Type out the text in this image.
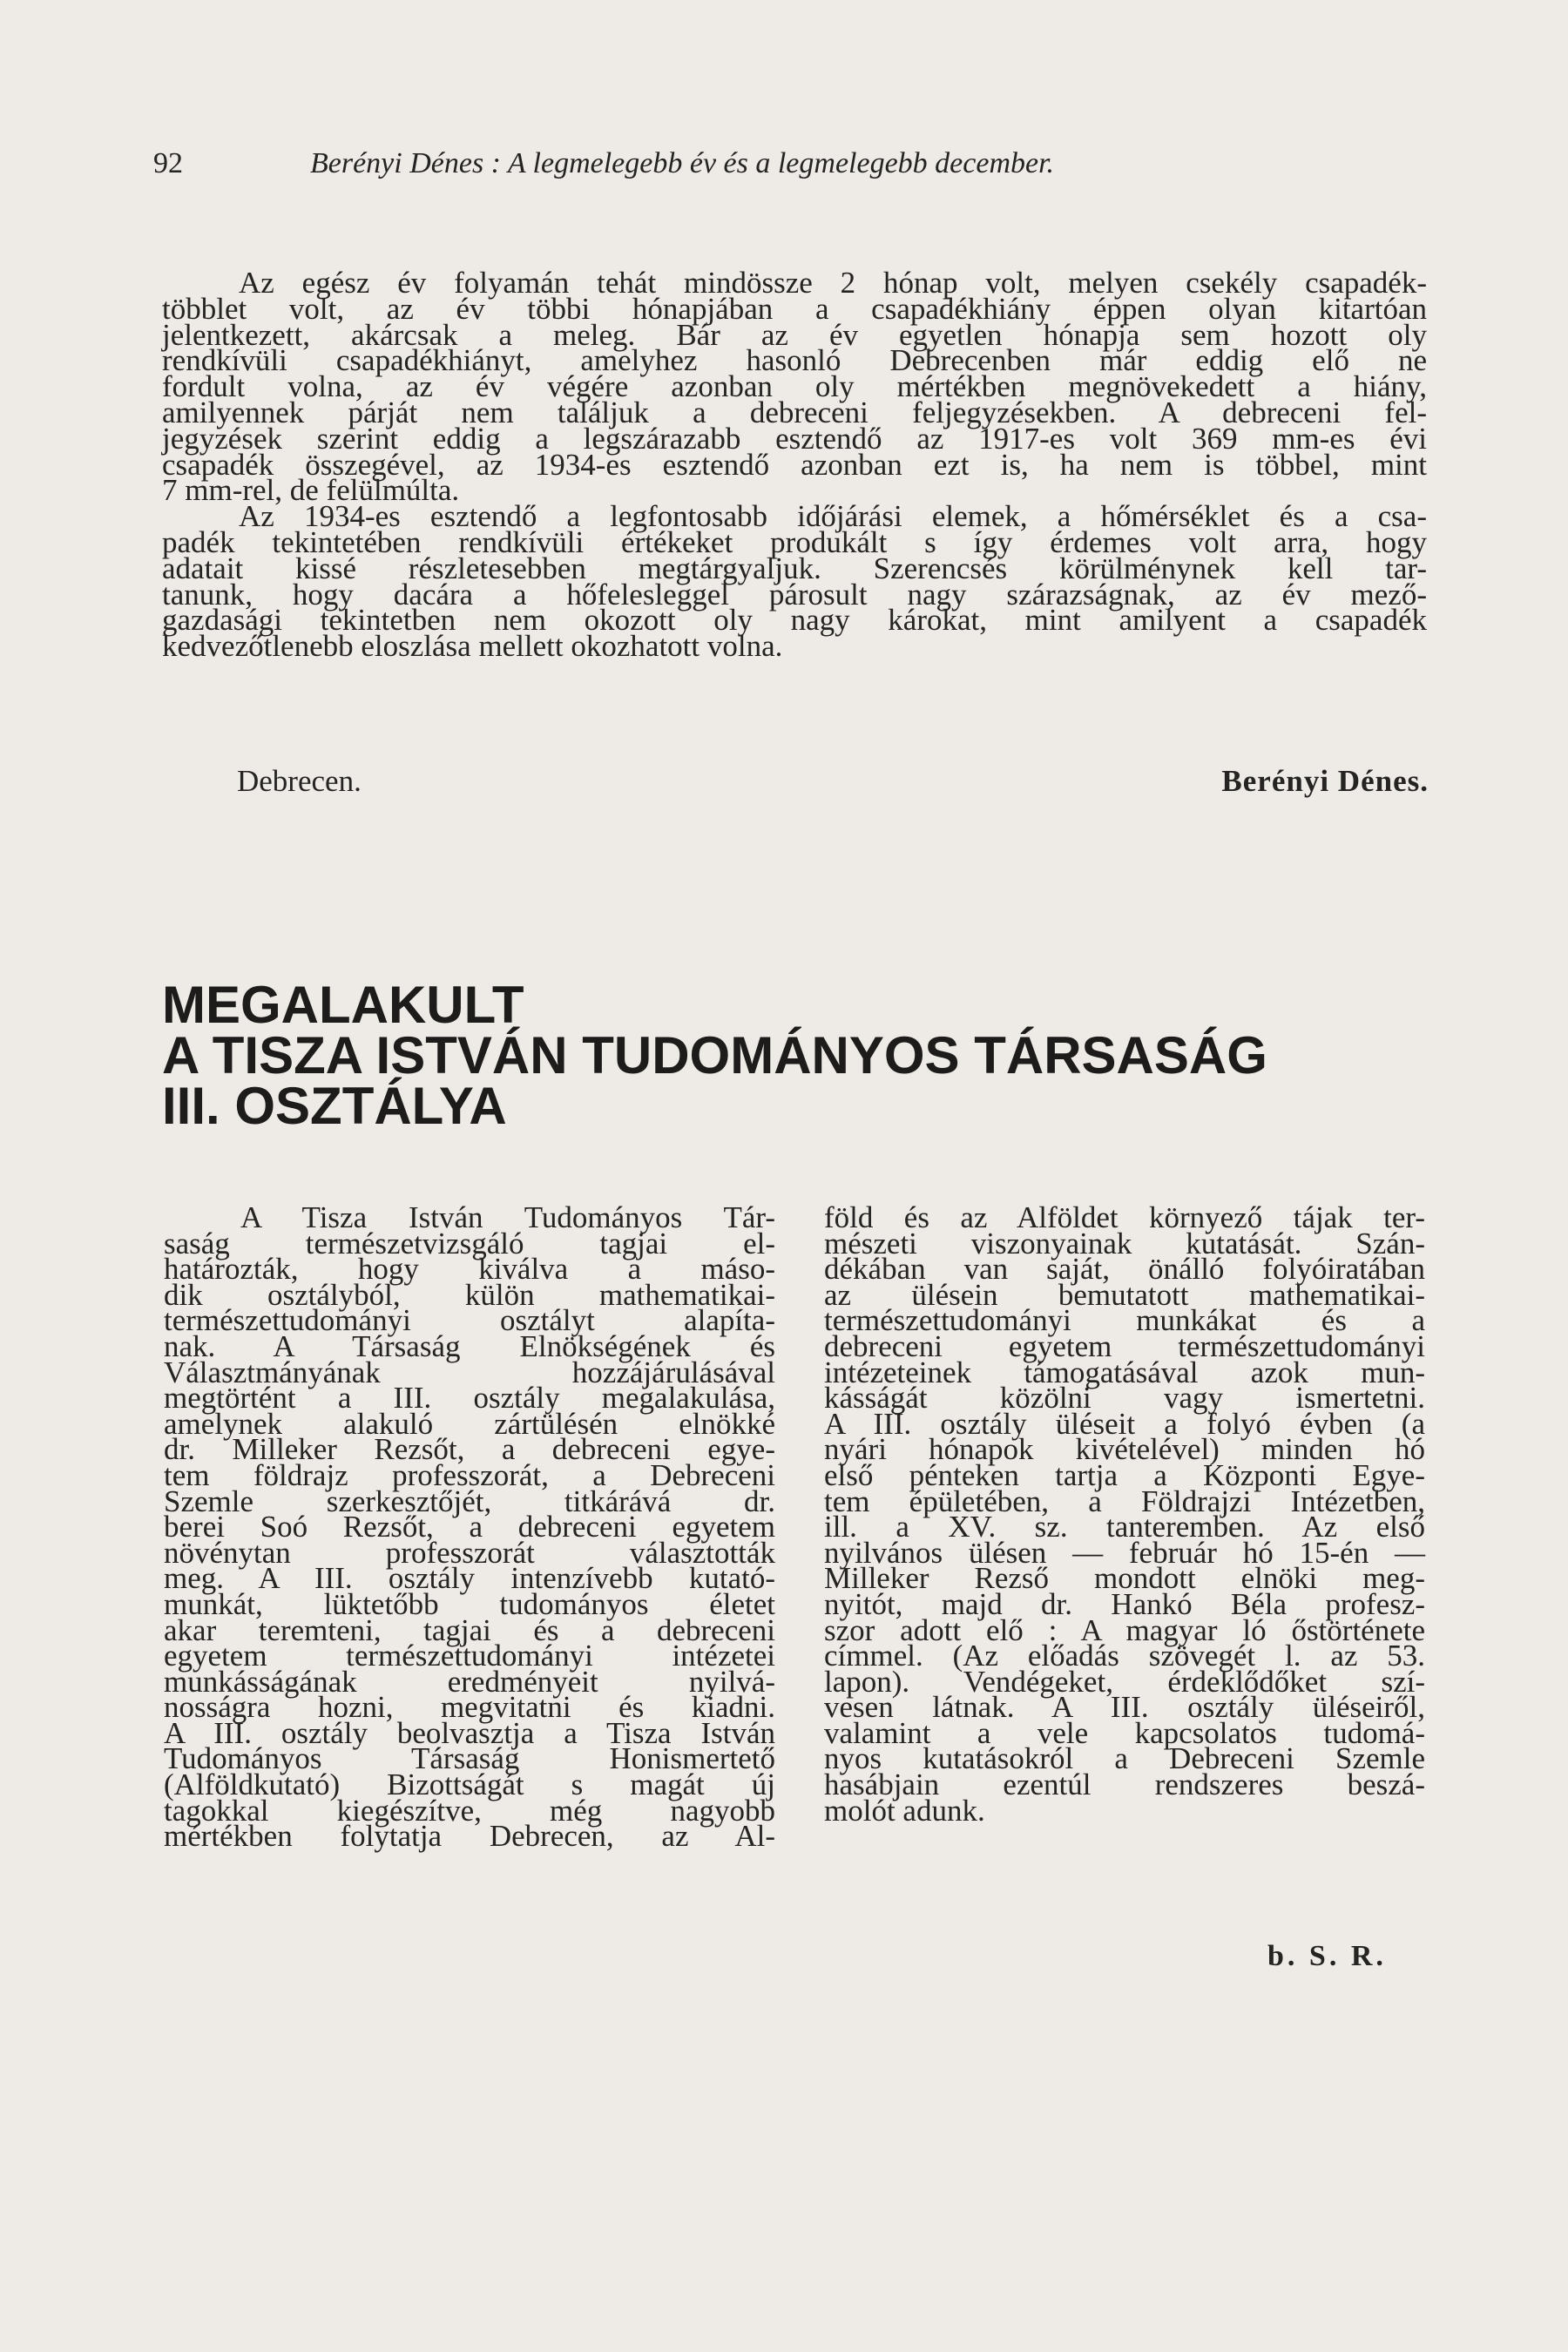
92	Berényi Dénes : A legmelegebb év és a legmelegebb december.
Az egész év folyamán tehát mindössze 2 hónap volt, melyen csekély csapadék-
többlet volt, az év többi hónapjában a csapadékhiány éppen olyan kitartóan
jelentkezett, akárcsak a meleg. Bár az év egyetlen hónapja sem hozott oly
rendkívüli csapadékhiányt, amelyhez hasonló Debrecenben már eddig elő ne
fordult volna, az év végére azonban oly mértékben megnövekedett a hiány,
amilyennek párját nem találjuk a debreceni feljegyzésekben. A debreceni fel-
jegyzések szerint eddig a legszárazabb esztendő az 1917-es volt 369 mm-es évi
csapadék összegével, az 1934-es esztendő azonban ezt is, ha nem is többel, mint
7 mm-rel, de felülmúlta.
Az 1934-es esztendő a legfontosabb időjárási elemek, a hőmérséklet és a csa-
padék tekintetében rendkívüli értékeket produkált s így érdemes volt arra, hogy
adatait kissé részletesebben megtárgyaljuk. Szerencsés körülménynek kell tar-
tanunk, hogy dacára a hőfelesleggel párosult nagy szárazságnak, az év mező-
gazdasági tekintetben nem okozott oly nagy károkat, mint amilyent a csapadék
kedvezőtlenebb eloszlása mellett okozhatott volna.
Debrecen.	Berényi Dénes.
MEGALAKULT
A TISZA ISTVÁN TUDOMÁNYOS TÁRSASÁG
III. OSZTÁLYA
A Tisza István Tudományos Tár-
saság természetvizsgáló tagjai el-
határozták, hogy kiválva a máso-
dik osztályból, külön mathematikai-
természettudományi osztályt alapíta-
nak. A Társaság Elnökségének és
Választmányának hozzájárulásával
megtörtént a III. osztály megalakulása,
amelynek alakuló zártülésén elnökké
dr. Milleker Rezsőt, a debreceni egye-
tem földrajz professzorát, a Debreceni
Szemle szerkesztőjét, titkárává dr.
berei Soó Rezsőt, a debreceni egyetem
növénytan professzorát választották
meg. A III. osztály intenzívebb kutató-
munkát, lüktetőbb tudományos életet
akar teremteni, tagjai és a debreceni
egyetem természettudományi intézetei
munkásságának eredményeit nyilvá-
nosságra hozni, megvitatni és kiadni.
A III. osztály beolvasztja a Tisza István
Tudományos Társaság Honismertető
(Alföldkutató) Bizottságát s magát új
tagokkal kiegészítve, még nagyobb
mértékben folytatja Debrecen, az Al-
föld és az Alföldet környező tájak ter-
mészeti viszonyainak kutatását. Szán-
dékában van saját, önálló folyóiratában
az ülésein bemutatott mathematikai-
természettudományi munkákat és a
debreceni egyetem természettudományi
intézeteinek támogatásával azok mun-
kásságát közölni vagy ismertetni.
A III. osztály üléseit a folyó évben (a
nyári hónapok kivételével) minden hó
első pénteken tartja a Központi Egye-
tem épületében, a Földrajzi Intézetben,
ill. a XV. sz. tanteremben. Az első
nyilvános ülésen — február hó 15-én —
Milleker Rezső mondott elnöki meg-
nyitót, majd dr. Hankó Béla profesz-
szor adott elő : A magyar ló őstörténete
címmel. (Az előadás szövegét l. az 53.
lapon). Vendégeket, érdeklődőket szí-
vesen látnak. A III. osztály üléseiről,
valamint a vele kapcsolatos tudomá-
nyos kutatásokról a Debreceni Szemle
hasábjain ezentúl rendszeres beszá-
molót adunk.
b. S. R.
